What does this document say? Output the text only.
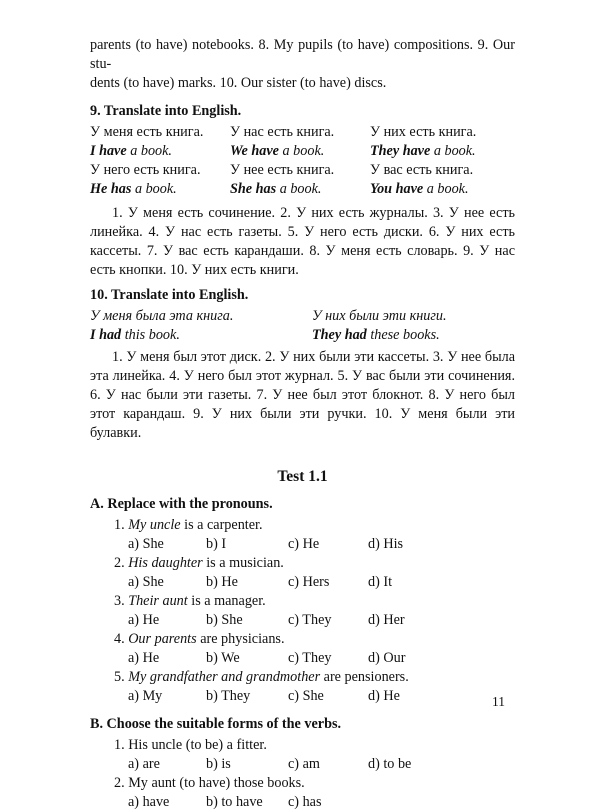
parents (to have) notebooks. 8. My pupils (to have) compositions. 9. Our stu-

dents (to have) marks. 10. Our sister (to have) discs.

9. Translate into English.

У меня есть книга.	У нас есть книга.	У них есть книга.
I have a book.	We have a book.	They have a book.
У него есть книга.	У нее есть книга.	У вас есть книга.
He has a book.	She has a book.	You have a book.

1. У меня есть сочинение. 2. У них есть журналы. 3. У нее есть линейка. 4. У нас есть газеты. 5. У него есть диски. 6. У них есть кассеты. 7. У вас есть карандаши. 8. У меня есть словарь. 9. У нас есть кнопки. 10. У них есть книги.

10. Translate into English.

У меня была эта книга.	У них были эти книги.
I had this book.	They had these books.

1. У меня был этот диск. 2. У них были эти кассеты. 3. У нее была эта линейка. 4. У него был этот журнал. 5. У вас были эти сочинения. 6. У нас были эти газеты. 7. У нее был этот блокнот. 8. У него был этот карандаш. 9. У них были эти ручки. 10. У меня были эти булавки.

Test 1.1

A. Replace with the pronouns.

1. My uncle is a carpenter.

a) She	b) I	c) He	d) His

2. His daughter is a musician.

a) She	b) He	c) Hers	d) It

3. Their aunt is a manager.

a) He	b) She	c) They	d) Her

4. Our parents are physicians.

a) He	b) We	c) They	d) Our

5. My grandfather and grandmother are pensioners.

a) My	b) They	c) She	d) He

B. Choose the suitable forms of the verbs.

1. His uncle (to be) a fitter.

a) are	b) is	c) am	d) to be

2. My aunt (to have) those books.

a) have	b) to have	c) has
11
